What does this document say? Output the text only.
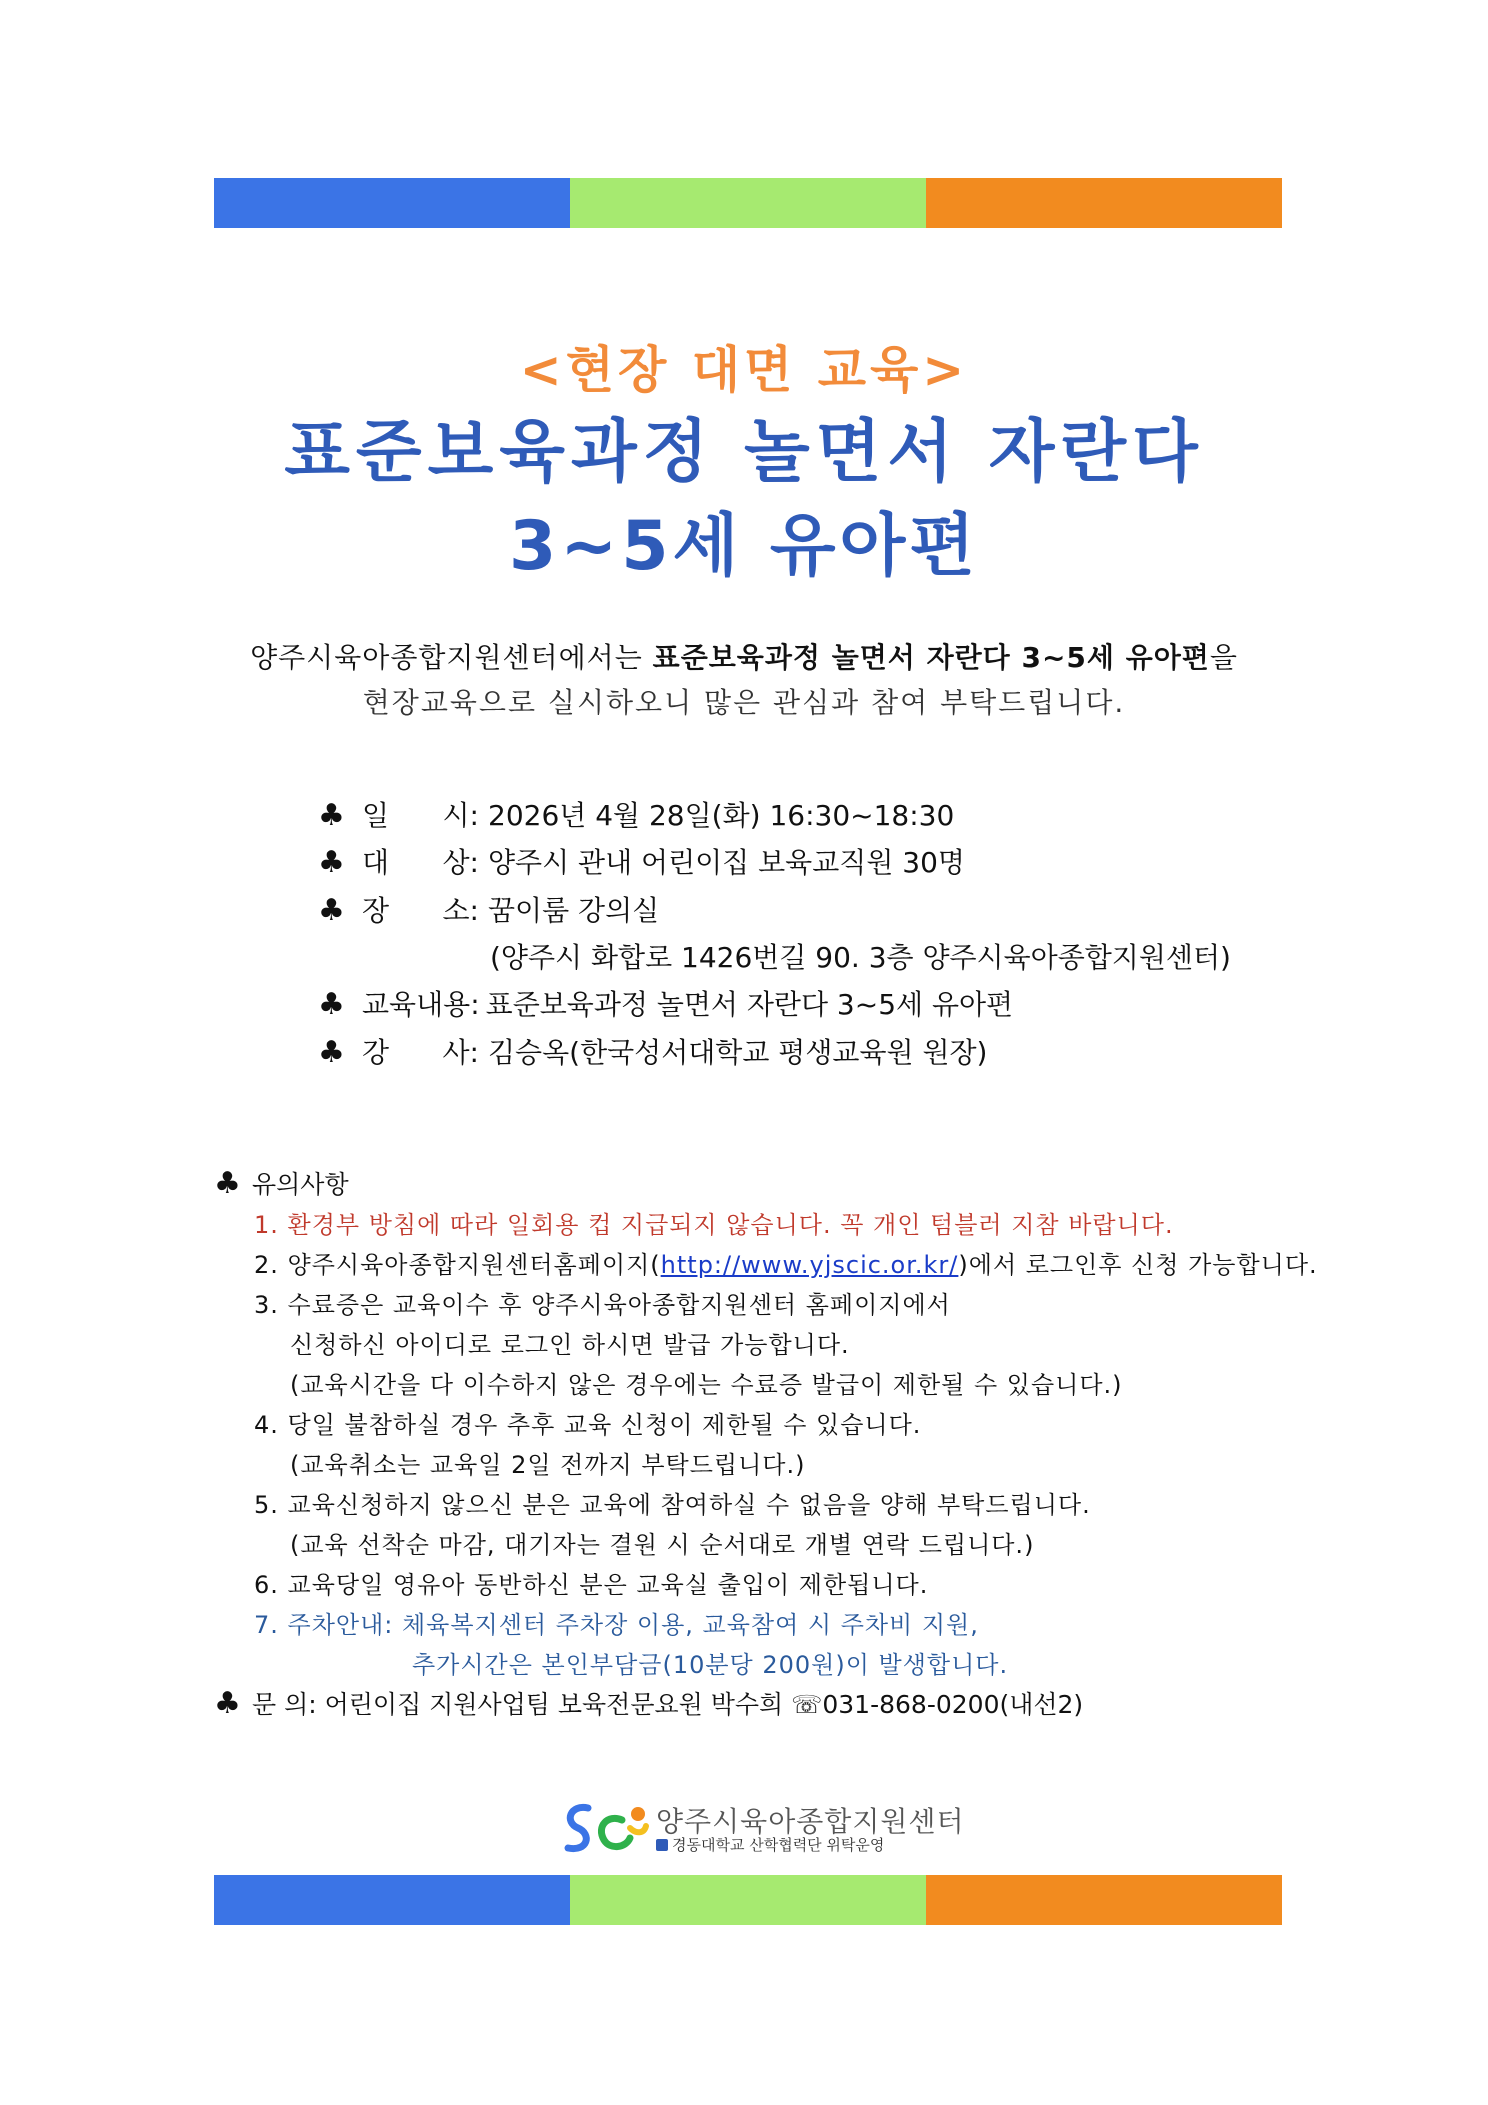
<현장 대면 교육>
표준보육과정 놀면서 자란다
3~5세 유아편
양주시육아종합지원센터에서는 표준보육과정 놀면서 자란다 3~5세 유아편을
현장교육으로 실시하오니 많은 관심과 참여 부탁드립니다.
♣ 일      시: 2026년 4월 28일(화) 16:30~18:30
♣ 대      상: 양주시 관내 어린이집 보육교직원 30명
♣ 장      소: 꿈이룸 강의실
(양주시 화합로 1426번길 90. 3층 양주시육아종합지원센터)
♣ 교육내용: 표준보육과정 놀면서 자란다 3~5세 유아편
♣ 강      사: 김승옥(한국성서대학교 평생교육원 원장)
♣ 유의사항
1. 환경부 방침에 따라 일회용 컵 지급되지 않습니다. 꼭 개인 텀블러 지참 바랍니다.
2. 양주시육아종합지원센터홈페이지(http://www.yjscic.or.kr/)에서 로그인후 신청 가능합니다.
3. 수료증은 교육이수 후 양주시육아종합지원센터 홈페이지에서
신청하신 아이디로 로그인 하시면 발급 가능합니다.
(교육시간을 다 이수하지 않은 경우에는 수료증 발급이 제한될 수 있습니다.)
4. 당일 불참하실 경우 추후 교육 신청이 제한될 수 있습니다.
(교육취소는 교육일 2일 전까지 부탁드립니다.)
5. 교육신청하지 않으신 분은 교육에 참여하실 수 없음을 양해 부탁드립니다.
(교육 선착순 마감, 대기자는 결원 시 순서대로 개별 연락 드립니다.)
6. 교육당일 영유아 동반하신 분은 교육실 출입이 제한됩니다.
7. 주차안내: 체육복지센터 주차장 이용, 교육참여 시 주차비 지원,
추가시간은 본인부담금(10분당 200원)이 발생합니다.
♣ 문 의: 어린이집 지원사업팀 보육전문요원 박수희 ☏031-868-0200(내선2)
양주시육아종합지원센터
경동대학교 산학협력단 위탁운영
